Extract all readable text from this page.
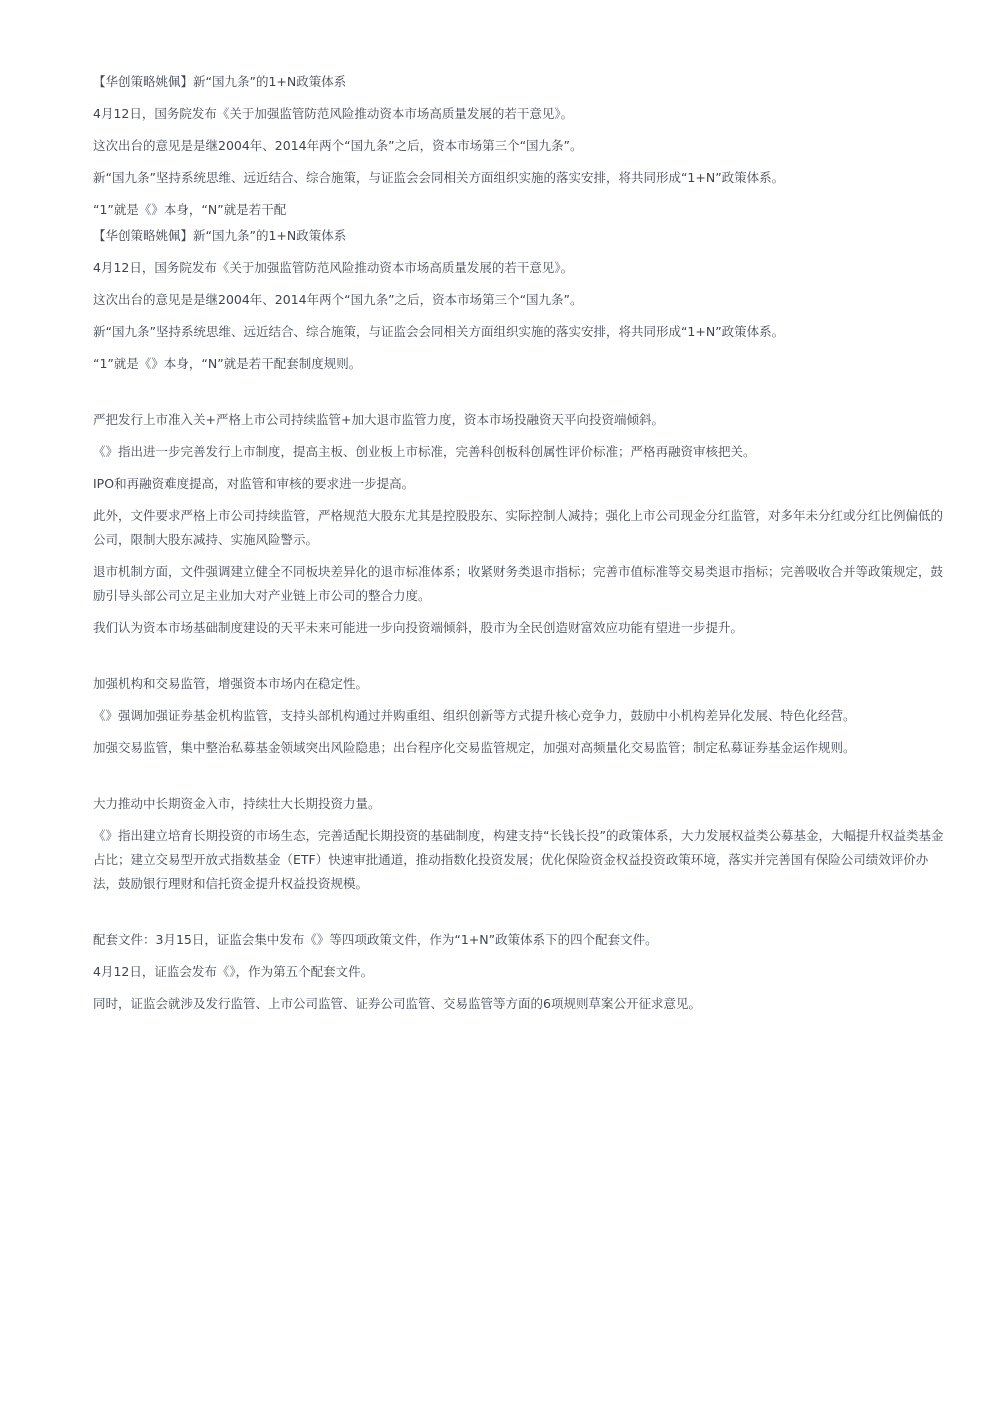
【华创策略姚佩】新“国九条”的1+N政策体系

4月12日，国务院发布《关于加强监管防范风险推动资本市场高质量发展的若干意见》。

这次出台的意见是是继2004年、2014年两个“国九条”之后，资本市场第三个“国九条”。

新“国九条”坚持系统思维、远近结合、综合施策，与证监会会同相关方面组织实施的落实安排，将共同形成“1+N”政策体系。

“1”就是《》本身，“N”就是若干配

【华创策略姚佩】新“国九条”的1+N政策体系

4月12日，国务院发布《关于加强监管防范风险推动资本市场高质量发展的若干意见》。

这次出台的意见是是继2004年、2014年两个“国九条”之后，资本市场第三个“国九条”。

新“国九条”坚持系统思维、远近结合、综合施策，与证监会会同相关方面组织实施的落实安排，将共同形成“1+N”政策体系。

“1”就是《》本身，“N”就是若干配套制度规则。

严把发行上市准入关+严格上市公司持续监管+加大退市监管力度，资本市场投融资天平向投资端倾斜。

《》指出进一步完善发行上市制度，提高主板、创业板上市标准，完善科创板科创属性评价标准；严格再融资审核把关。

IPO和再融资难度提高，对监管和审核的要求进一步提高。

此外，文件要求严格上市公司持续监管，严格规范大股东尤其是控股股东、实际控制人减持；强化上市公司现金分红监管，对多年未分红或分红比例偏低的公司，限制大股东减持、实施风险警示。

退市机制方面，文件强调建立健全不同板块差异化的退市标准体系；收紧财务类退市指标；完善市值标准等交易类退市指标；完善吸收合并等政策规定，鼓励引导头部公司立足主业加大对产业链上市公司的整合力度。

我们认为资本市场基础制度建设的天平未来可能进一步向投资端倾斜，股市为全民创造财富效应功能有望进一步提升。

加强机构和交易监管，增强资本市场内在稳定性。

《》强调加强证券基金机构监管，支持头部机构通过并购重组、组织创新等方式提升核心竞争力，鼓励中小机构差异化发展、特色化经营。

加强交易监管，集中整治私募基金领域突出风险隐患；出台程序化交易监管规定，加强对高频量化交易监管；制定私募证券基金运作规则。

大力推动中长期资金入市，持续壮大长期投资力量。

《》指出建立培育长期投资的市场生态，完善适配长期投资的基础制度，构建支持“长钱长投”的政策体系，大力发展权益类公募基金，大幅提升权益类基金占比；建立交易型开放式指数基金（ETF）快速审批通道，推动指数化投资发展；优化保险资金权益投资政策环境，落实并完善国有保险公司绩效评价办法，鼓励银行理财和信托资金提升权益投资规模。

配套文件：3月15日，证监会集中发布《》等四项政策文件，作为“1+N”政策体系下的四个配套文件。

4月12日，证监会发布《》，作为第五个配套文件。

同时，证监会就涉及发行监管、上市公司监管、证券公司监管、交易监管等方面的6项规则草案公开征求意见。
